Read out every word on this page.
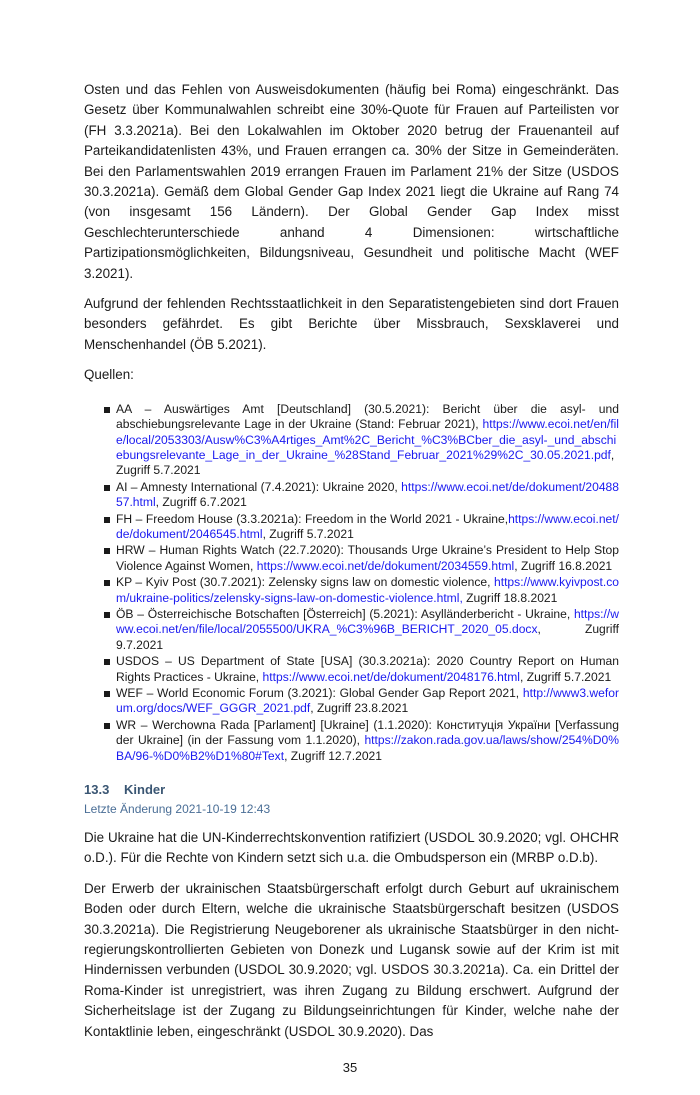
Osten und das Fehlen von Ausweisdokumenten (häufig bei Roma) eingeschränkt. Das Gesetz über Kommunalwahlen schreibt eine 30%-Quote für Frauen auf Parteilisten vor (FH 3.3.2021a). Bei den Lokalwahlen im Oktober 2020 betrug der Frauenanteil auf Parteikandidatenlisten 43%, und Frauen errangen ca. 30% der Sitze in Gemeinderäten. Bei den Parlamentswahlen 2019 errangen Frauen im Parlament 21% der Sitze (USDOS 30.3.2021a). Gemäß dem Global Gender Gap Index 2021 liegt die Ukraine auf Rang 74 (von insgesamt 156 Ländern). Der Global Gender Gap Index misst Geschlechterunterschiede anhand 4 Dimensionen: wirtschaftliche Partizipationsmöglichkeiten, Bildungsniveau, Gesundheit und politische Macht (WEF 3.2021).

Aufgrund der fehlenden Rechtsstaatlichkeit in den Separatistengebieten sind dort Frauen besonders gefährdet. Es gibt Berichte über Missbrauch, Sexsklaverei und Menschenhandel (ÖB 5.2021).

Quellen:

AA – Auswärtiges Amt [Deutschland] (30.5.2021): Bericht über die asyl- und abschiebungsrelevante Lage in der Ukraine (Stand: Februar 2021), https://www.ecoi.net/en/file/local/2053303/Ausw%C3%A4rtiges_Amt%2C_Bericht_%C3%BCber_die_asyl-_und_abschiebungsrelevante_Lage_in_der_Ukraine_%28Stand_Februar_2021%29%2C_30.05.2021.pdf, Zugriff 5.7.2021
AI – Amnesty International (7.4.2021): Ukraine 2020, https://www.ecoi.net/de/dokument/2048857.html, Zugriff 6.7.2021
FH – Freedom House (3.3.2021a): Freedom in the World 2021 - Ukraine,https://www.ecoi.net/de/dokument/2046545.html, Zugriff 5.7.2021
HRW – Human Rights Watch (22.7.2020): Thousands Urge Ukraine’s President to Help Stop Violence Against Women, https://www.ecoi.net/de/dokument/2034559.html, Zugriff 16.8.2021
KP – Kyiv Post (30.7.2021): Zelensky signs law on domestic violence, https://www.kyivpost.com/ukraine-politics/zelensky-signs-law-on-domestic-violence.html, Zugriff 18.8.2021
ÖB – Österreichische Botschaften [Österreich] (5.2021): Asylländerbericht - Ukraine, https://www.ecoi.net/en/file/local/2055500/UKRA_%C3%96B_BERICHT_2020_05.docx, Zugriff 9.7.2021
USDOS – US Department of State [USA] (30.3.2021a): 2020 Country Report on Human Rights Practices - Ukraine, https://www.ecoi.net/de/dokument/2048176.html, Zugriff 5.7.2021
WEF – World Economic Forum (3.2021): Global Gender Gap Report 2021, http://www3.weforum.org/docs/WEF_GGGR_2021.pdf, Zugriff 23.8.2021
WR – Werchowna Rada [Parlament] [Ukraine] (1.1.2020): Конституція України [Verfassung der Ukraine] (in der Fassung vom 1.1.2020), https://zakon.rada.gov.ua/laws/show/254%D0%BA/96-%D0%B2%D1%80#Text, Zugriff 12.7.2021
13.3 Kinder
Letzte Änderung 2021-10-19 12:43

Die Ukraine hat die UN-Kinderrechtskonvention ratifiziert (USDOL 30.9.2020; vgl. OHCHR o.D.). Für die Rechte von Kindern setzt sich u.a. die Ombudsperson ein (MRBP o.D.b).

Der Erwerb der ukrainischen Staatsbürgerschaft erfolgt durch Geburt auf ukrainischem Boden oder durch Eltern, welche die ukrainische Staatsbürgerschaft besitzen (USDOS 30.3.2021a). Die Registrierung Neugeborener als ukrainische Staatsbürger in den nicht-regierungskontrollierten Gebieten von Donezk und Lugansk sowie auf der Krim ist mit Hindernissen verbunden (USDOL 30.9.2020; vgl. USDOS 30.3.2021a). Ca. ein Drittel der Roma-Kinder ist unregistriert, was ihren Zugang zu Bildung erschwert. Aufgrund der Sicherheitslage ist der Zugang zu Bildungseinrichtungen für Kinder, welche nahe der Kontaktlinie leben, eingeschränkt (USDOL 30.9.2020). Das

35
